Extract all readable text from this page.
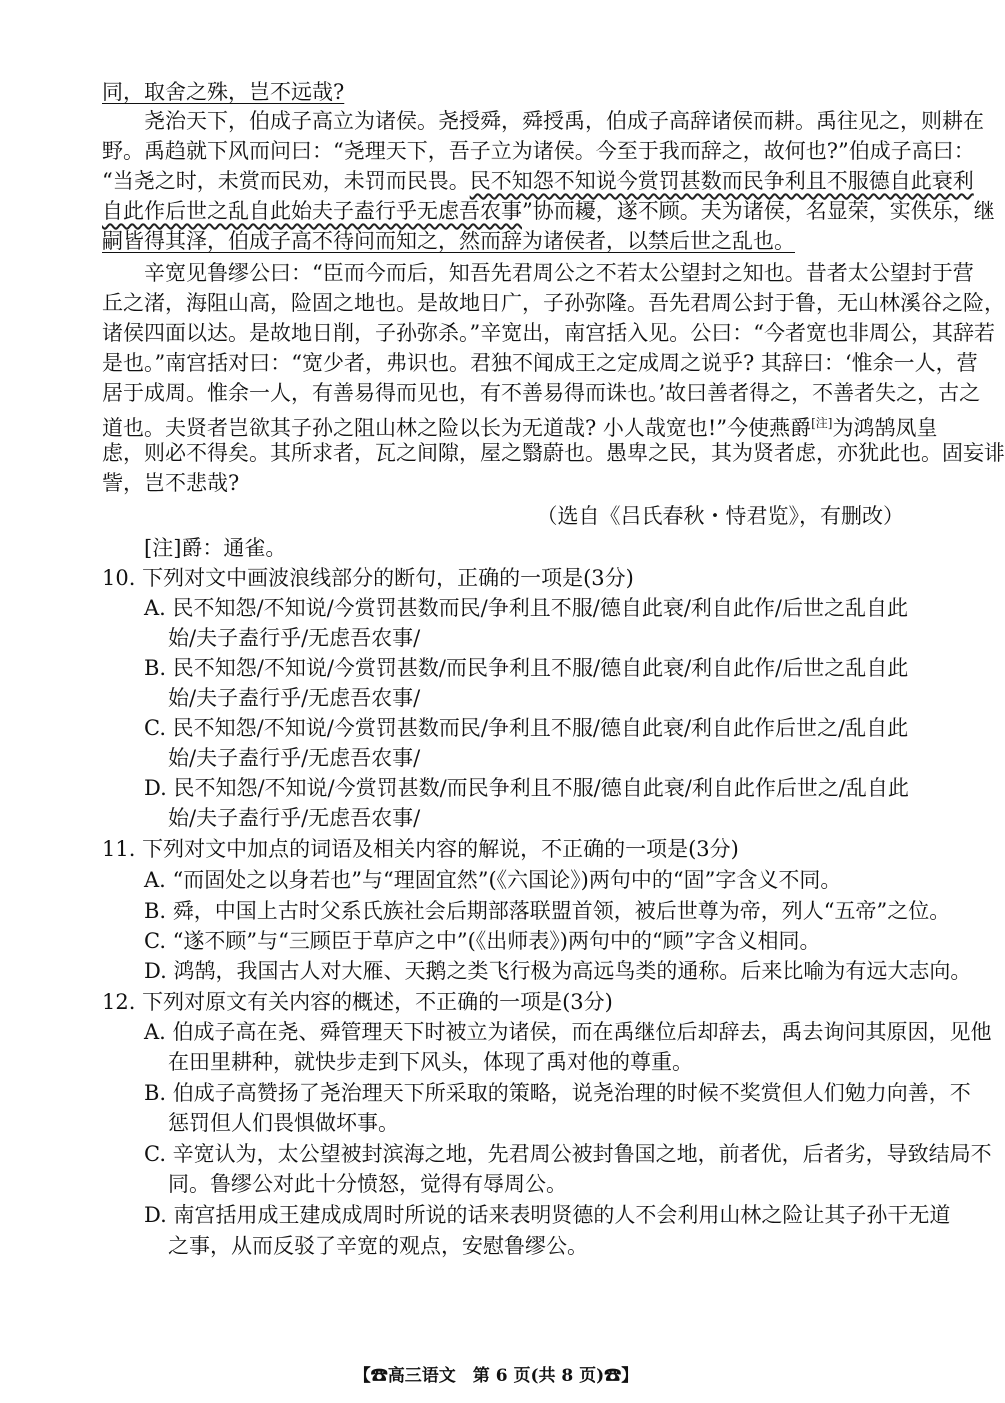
同，取舍之殊，岂不远哉?
尧治天下，伯成子高立为诸侯。尧授舜，舜授禹，伯成子高辞诸侯而耕。禹往见之，则耕在
野。禹趋就下风而问曰：“尧理天下，吾子立为诸侯。今至于我而辞之，故何也?”伯成子高曰：
“当尧之时，未赏而民劝，未罚而民畏。民不知怨不知说今赏罚甚数而民争利且不服德自此衰利
自此作后世之乱自此始夫子盍行乎无虑吾农事”协而耰，遂不顾。夫为诸侯，名显荣，实佚乐，继
嗣皆得其泽，伯成子高不待问而知之，然而辞为诸侯者，以禁后世之乱也。
辛宽见鲁缪公曰：“臣而今而后，知吾先君周公之不若太公望封之知也。昔者太公望封于营
丘之渚，海阻山高，险固之地也。是故地日广，子孙弥隆。吾先君周公封于鲁，无山林溪谷之险，
诸侯四面以达。是故地日削，子孙弥杀。”辛宽出，南宫括入见。公曰：“今者宽也非周公，其辞若
是也。”南宫括对曰：“宽少者，弗识也。君独不闻成王之定成周之说乎? 其辞曰：‘惟余一人，营
居于成周。惟余一人，有善易得而见也，有不善易得而诛也。’故曰善者得之，不善者失之，古之
道也。夫贤者岂欲其子孙之阻山林之险以长为无道哉? 小人哉宽也!”今使燕爵[注]为鸿鹄凤皇
虑，则必不得矣。其所求者，瓦之间隙，屋之翳蔚也。愚卑之民，其为贤者虑，亦犹此也。固妄诽
訾，岂不悲哉?
（选自《吕氏春秋・恃君览》，有删改）
[注]爵：通雀。
10. 下列对文中画波浪线部分的断句，正确的一项是(3分)
A. 民不知怨/不知说/今赏罚甚数而民/争利且不服/德自此衰/利自此作/后世之乱自此
始/夫子盍行乎/无虑吾农事/
B. 民不知怨/不知说/今赏罚甚数/而民争利且不服/德自此衰/利自此作/后世之乱自此
始/夫子盍行乎/无虑吾农事/
C. 民不知怨/不知说/今赏罚甚数而民/争利且不服/德自此衰/利自此作后世之/乱自此
始/夫子盍行乎/无虑吾农事/
D. 民不知怨/不知说/今赏罚甚数/而民争利且不服/德自此衰/利自此作后世之/乱自此
始/夫子盍行乎/无虑吾农事/
11. 下列对文中加点的词语及相关内容的解说，不正确的一项是(3分)
A. “而固处之以身若也”与“理固宜然”(《六国论》)两句中的“固”字含义不同。
B. 舜，中国上古时父系氏族社会后期部落联盟首领，被后世尊为帝，列人“五帝”之位。
C. “遂不顾”与“三顾臣于草庐之中”(《出师表》)两句中的“顾”字含义相同。
D. 鸿鹄，我国古人对大雁、天鹅之类飞行极为高远鸟类的通称。后来比喻为有远大志向。
12. 下列对原文有关内容的概述，不正确的一项是(3分)
A. 伯成子高在尧、舜管理天下时被立为诸侯，而在禹继位后却辞去，禹去询问其原因，见他
在田里耕种，就快步走到下风头，体现了禹对他的尊重。
B. 伯成子高赞扬了尧治理天下所采取的策略，说尧治理的时候不奖赏但人们勉力向善，不
惩罚但人们畏惧做坏事。
C. 辛宽认为，太公望被封滨海之地，先君周公被封鲁国之地，前者优，后者劣，导致结局不
同。鲁缪公对此十分愤怒，觉得有辱周公。
D. 南宫括用成王建成成周时所说的话来表明贤德的人不会利用山林之险让其子孙干无道
之事，从而反驳了辛宽的观点，安慰鲁缪公。
【☎高三语文　第 6 页(共 8 页)☎】
